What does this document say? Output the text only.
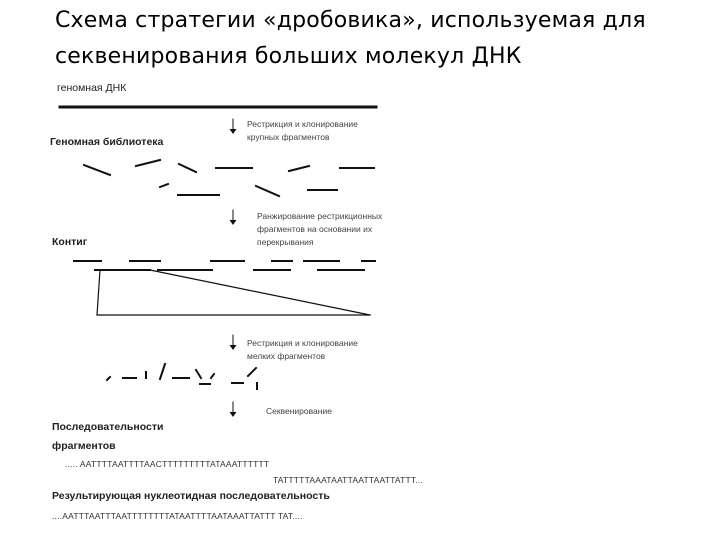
Схема стратегии «дробовика», используемая для
секвенирования больших молекул ДНК
геномная ДНК
Геномная библиотека
Контиг
Последовательности
фрагментов
Результирующая нуклеотидная последовательность
Рестрикция и клонирование
крупных фрагментов
Ранжирование рестрикционных
фрагментов на основании их
перекрывания
Рестрикция и клонирование
мелких фрагментов
Секвенирование
..... AATTTTAATTTTAACTTTTTTTTTATAAATTTTTT
TATTTTTAAATAATTAATTAATTATTT...
....AATTTAATTTAATTTTTTTTATAATTTTAATAAATTATTT TAT....
